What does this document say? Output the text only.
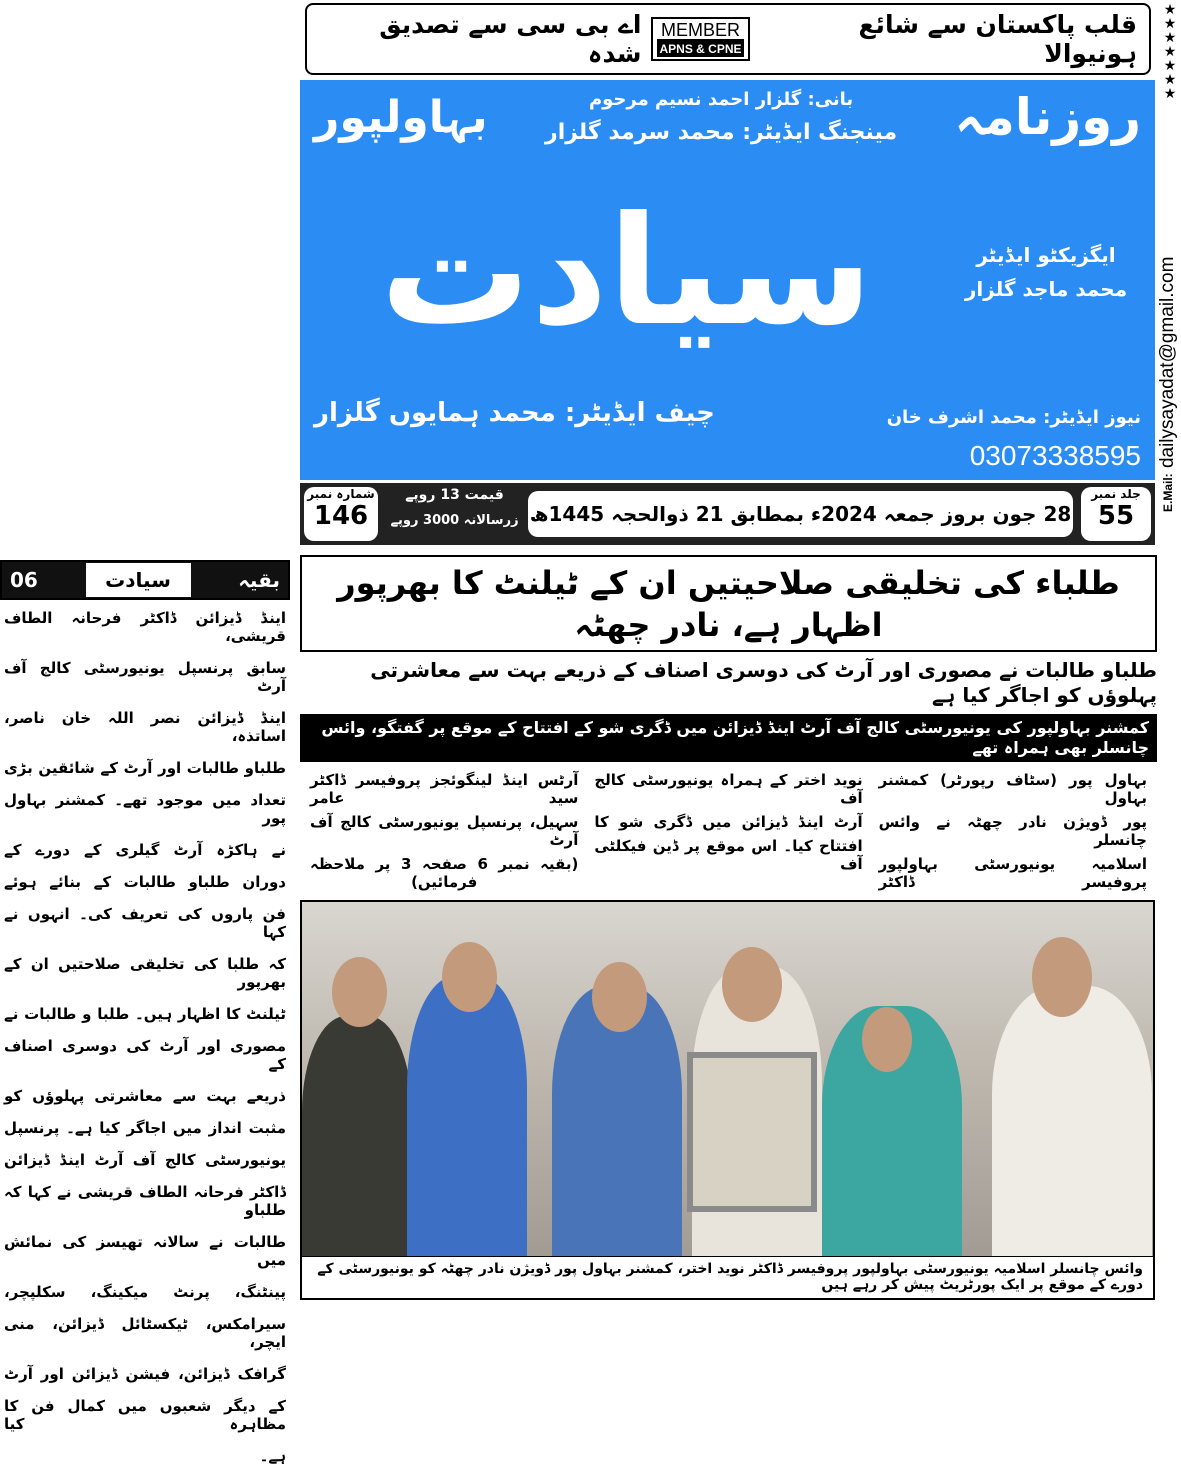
قلب پاکستان سے شائع ہونیوالا
MEMBER
APNS & CPNE
اے بی سی سے تصدیق شدہ
★★★★★★★
E.Mail: dailysayadat@gmail.com
روزنامہ
بانی: گلزار احمد نسیم مرحوم
مینجنگ ایڈیٹر: محمد سرمد گلزار
بہاولپور
ایگزیکٹو ایڈیٹر
محمد ماجد گلزار
سیادت
نیوز ایڈیٹر: محمد اشرف خان
چیف ایڈیٹر: محمد ہمایوں گلزار
03073338595
جلد نمبر
55
28 جون بروز جمعہ 2024ء بمطابق 21 ذوالحجہ 1445ھ
قیمت 13 روپے
زرسالانہ 3000 روپے
شمارہ نمبر
146
بقیہ
سیادت
06
اینڈ ڈیزائن ڈاکٹر فرحانہ الطاف قریشی،
سابق پرنسپل یونیورسٹی کالج آف آرٹ
اینڈ ڈیزائن نصر اللہ خان ناصر، اساتذہ،
طلباو طالبات اور آرٹ کے شائقین بڑی
تعداد میں موجود تھے۔ کمشنر بہاول پور
نے ہاکڑہ آرٹ گیلری کے دورے کے
دوران طلباو طالبات کے بنائے ہوئے
فن پاروں کی تعریف کی۔ انہوں نے کہا
کہ طلبا کی تخلیقی صلاحتیں ان کے بھرپور
ٹیلنٹ کا اظہار ہیں۔ طلبا و طالبات نے
مصوری اور آرٹ کی دوسری اصناف کے
ذریعے بہت سے معاشرتی پہلوؤں کو
مثبت انداز میں اجاگر کیا ہے۔ پرنسپل
یونیورسٹی کالج آف آرٹ اینڈ ڈیزائن
ڈاکٹر فرحانہ الطاف قریشی نے کہا کہ طلباو
طالبات نے سالانہ تھیسز کی نمائش میں
پینٹنگ، پرنٹ میکینگ، سکلپچر،
سیرامکس، ٹیکسٹائل ڈیزائن، منی ایچر،
گرافک ڈیزائن، فیشن ڈیزائن اور آرٹ
کے دیگر شعبوں میں کمال فن کا مظاہرہ کیا
ہے۔
طلباء کی تخلیقی صلاحیتیں ان کے ٹیلنٹ کا بھرپور اظہار ہے، نادر چھٹہ
طلباو طالبات نے مصوری اور آرٹ کی دوسری اصناف کے ذریعے بہت سے معاشرتی پہلوؤں کو اجاگر کیا ہے
کمشنر بہاولپور کی یونیورسٹی کالج آف آرٹ اینڈ ڈیزائن میں ڈگری شو کے افتتاح کے موقع پر گفتگو، وائس چانسلر بھی ہمراہ تھے
بہاول پور (سٹاف رپورٹر) کمشنر بہاول
پور ڈویژن نادر چھٹہ نے وائس چانسلر
اسلامیہ یونیورسٹی بہاولپور پروفیسر ڈاکٹر
نوید اختر کے ہمراہ یونیورسٹی کالج آف
آرٹ اینڈ ڈیزائن میں ڈگری شو کا
افتتاح کیا۔ اس موقع پر ڈین فیکلٹی آف
آرٹس اینڈ لینگوئجز پروفیسر ڈاکٹر سید عامر
سہیل، پرنسپل یونیورسٹی کالج آف آرٹ
(بقیہ نمبر 6 صفحہ 3 پر ملاحظہ فرمائیں)
وائس چانسلر اسلامیہ یونیورسٹی بہاولپور پروفیسر ڈاکٹر نوید اختر، کمشنر بہاول پور ڈویژن نادر چھٹہ کو یونیورسٹی کے دورے کے موقع پر ایک پورٹریٹ پیش کر رہے ہیں
